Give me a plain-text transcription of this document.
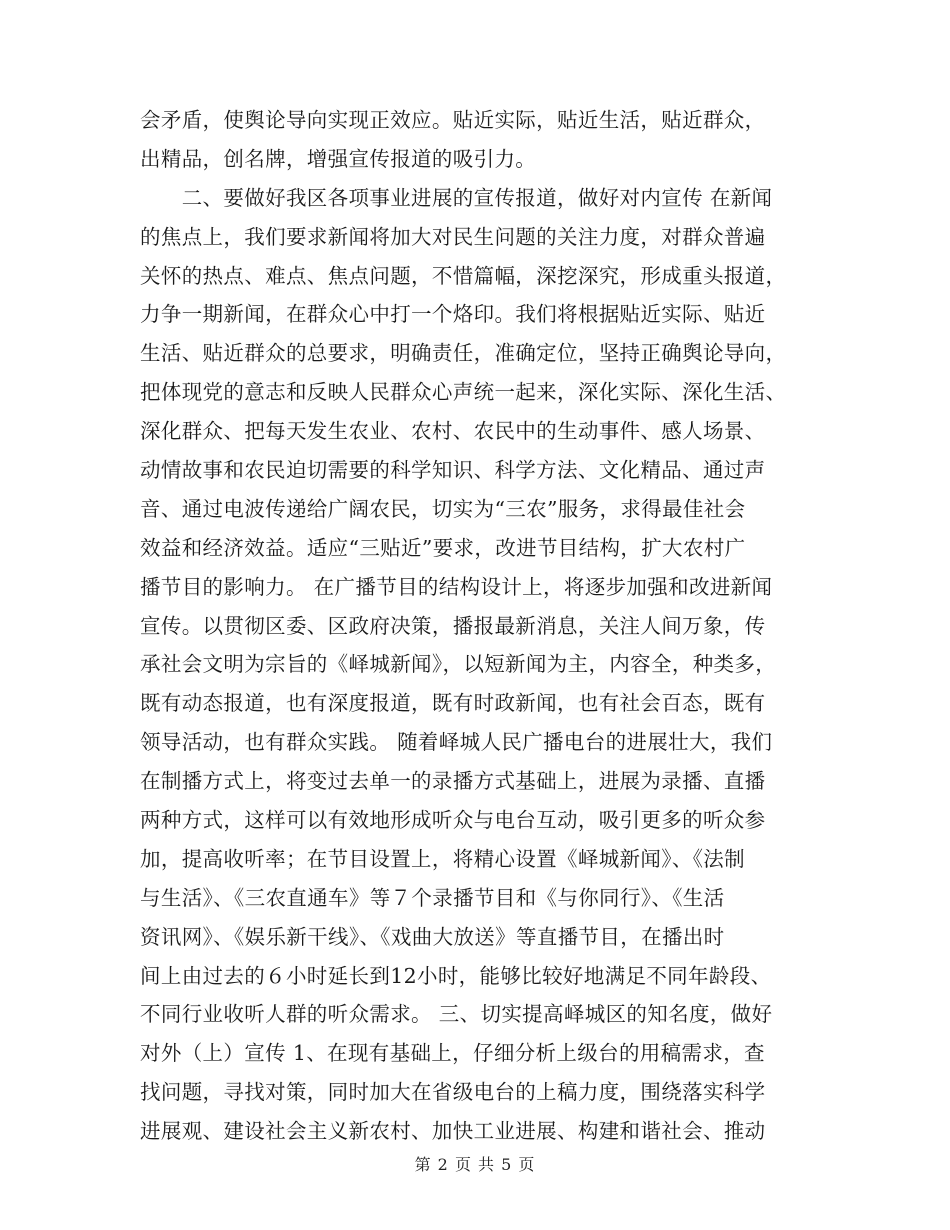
会矛盾，使舆论导向实现正效应。贴近实际，贴近生活，贴近群众，
出精品，创名牌，增强宣传报道的吸引力。
　　二、要做好我区各项事业进展的宣传报道，做好对内宣传 在新闻
的焦点上，我们要求新闻将加大对民生问题的关注力度，对群众普遍
关怀的热点、难点、焦点问题，不惜篇幅，深挖深究，形成重头报道，
力争一期新闻，在群众心中打一个烙印。我们将根据贴近实际、贴近
生活、贴近群众的总要求，明确责任，准确定位，坚持正确舆论导向，
把体现党的意志和反映人民群众心声统一起来，深化实际、深化生活、
深化群众、把每天发生农业、农村、农民中的生动事件、感人场景、
动情故事和农民迫切需要的科学知识、科学方法、文化精品、通过声
音、通过电波传递给广阔农民，切实为“三农”服务，求得最佳社会
效益和经济效益。适应“三贴近”要求，改进节目结构，扩大农村广
播节目的影响力。 在广播节目的结构设计上，将逐步加强和改进新闻
宣传。以贯彻区委、区政府决策，播报最新消息，关注人间万象，传
承社会文明为宗旨的《峄城新闻》，以短新闻为主，内容全，种类多，
既有动态报道，也有深度报道，既有时政新闻，也有社会百态，既有
领导活动，也有群众实践。 随着峄城人民广播电台的进展壮大，我们
在制播方式上，将变过去单一的录播方式基础上，进展为录播、直播
两种方式，这样可以有效地形成听众与电台互动，吸引更多的听众参
加，提高收听率；在节目设置上，将精心设置《峄城新闻》、《法制
与生活》、《三农直通车》等７个录播节目和《与你同行》、《生活
资讯网》、《娱乐新干线》、《戏曲大放送》等直播节目，在播出时
间上由过去的６小时延长到12小时，能够比较好地满足不同年龄段、
不同行业收听人群的听众需求。 三、切实提高峄城区的知名度，做好
对外（上）宣传 1、在现有基础上，仔细分析上级台的用稿需求，查
找问题，寻找对策，同时加大在省级电台的上稿力度，围绕落实科学
进展观、建设社会主义新农村、加快工业进展、构建和谐社会、推动
第 2 页 共 5 页
